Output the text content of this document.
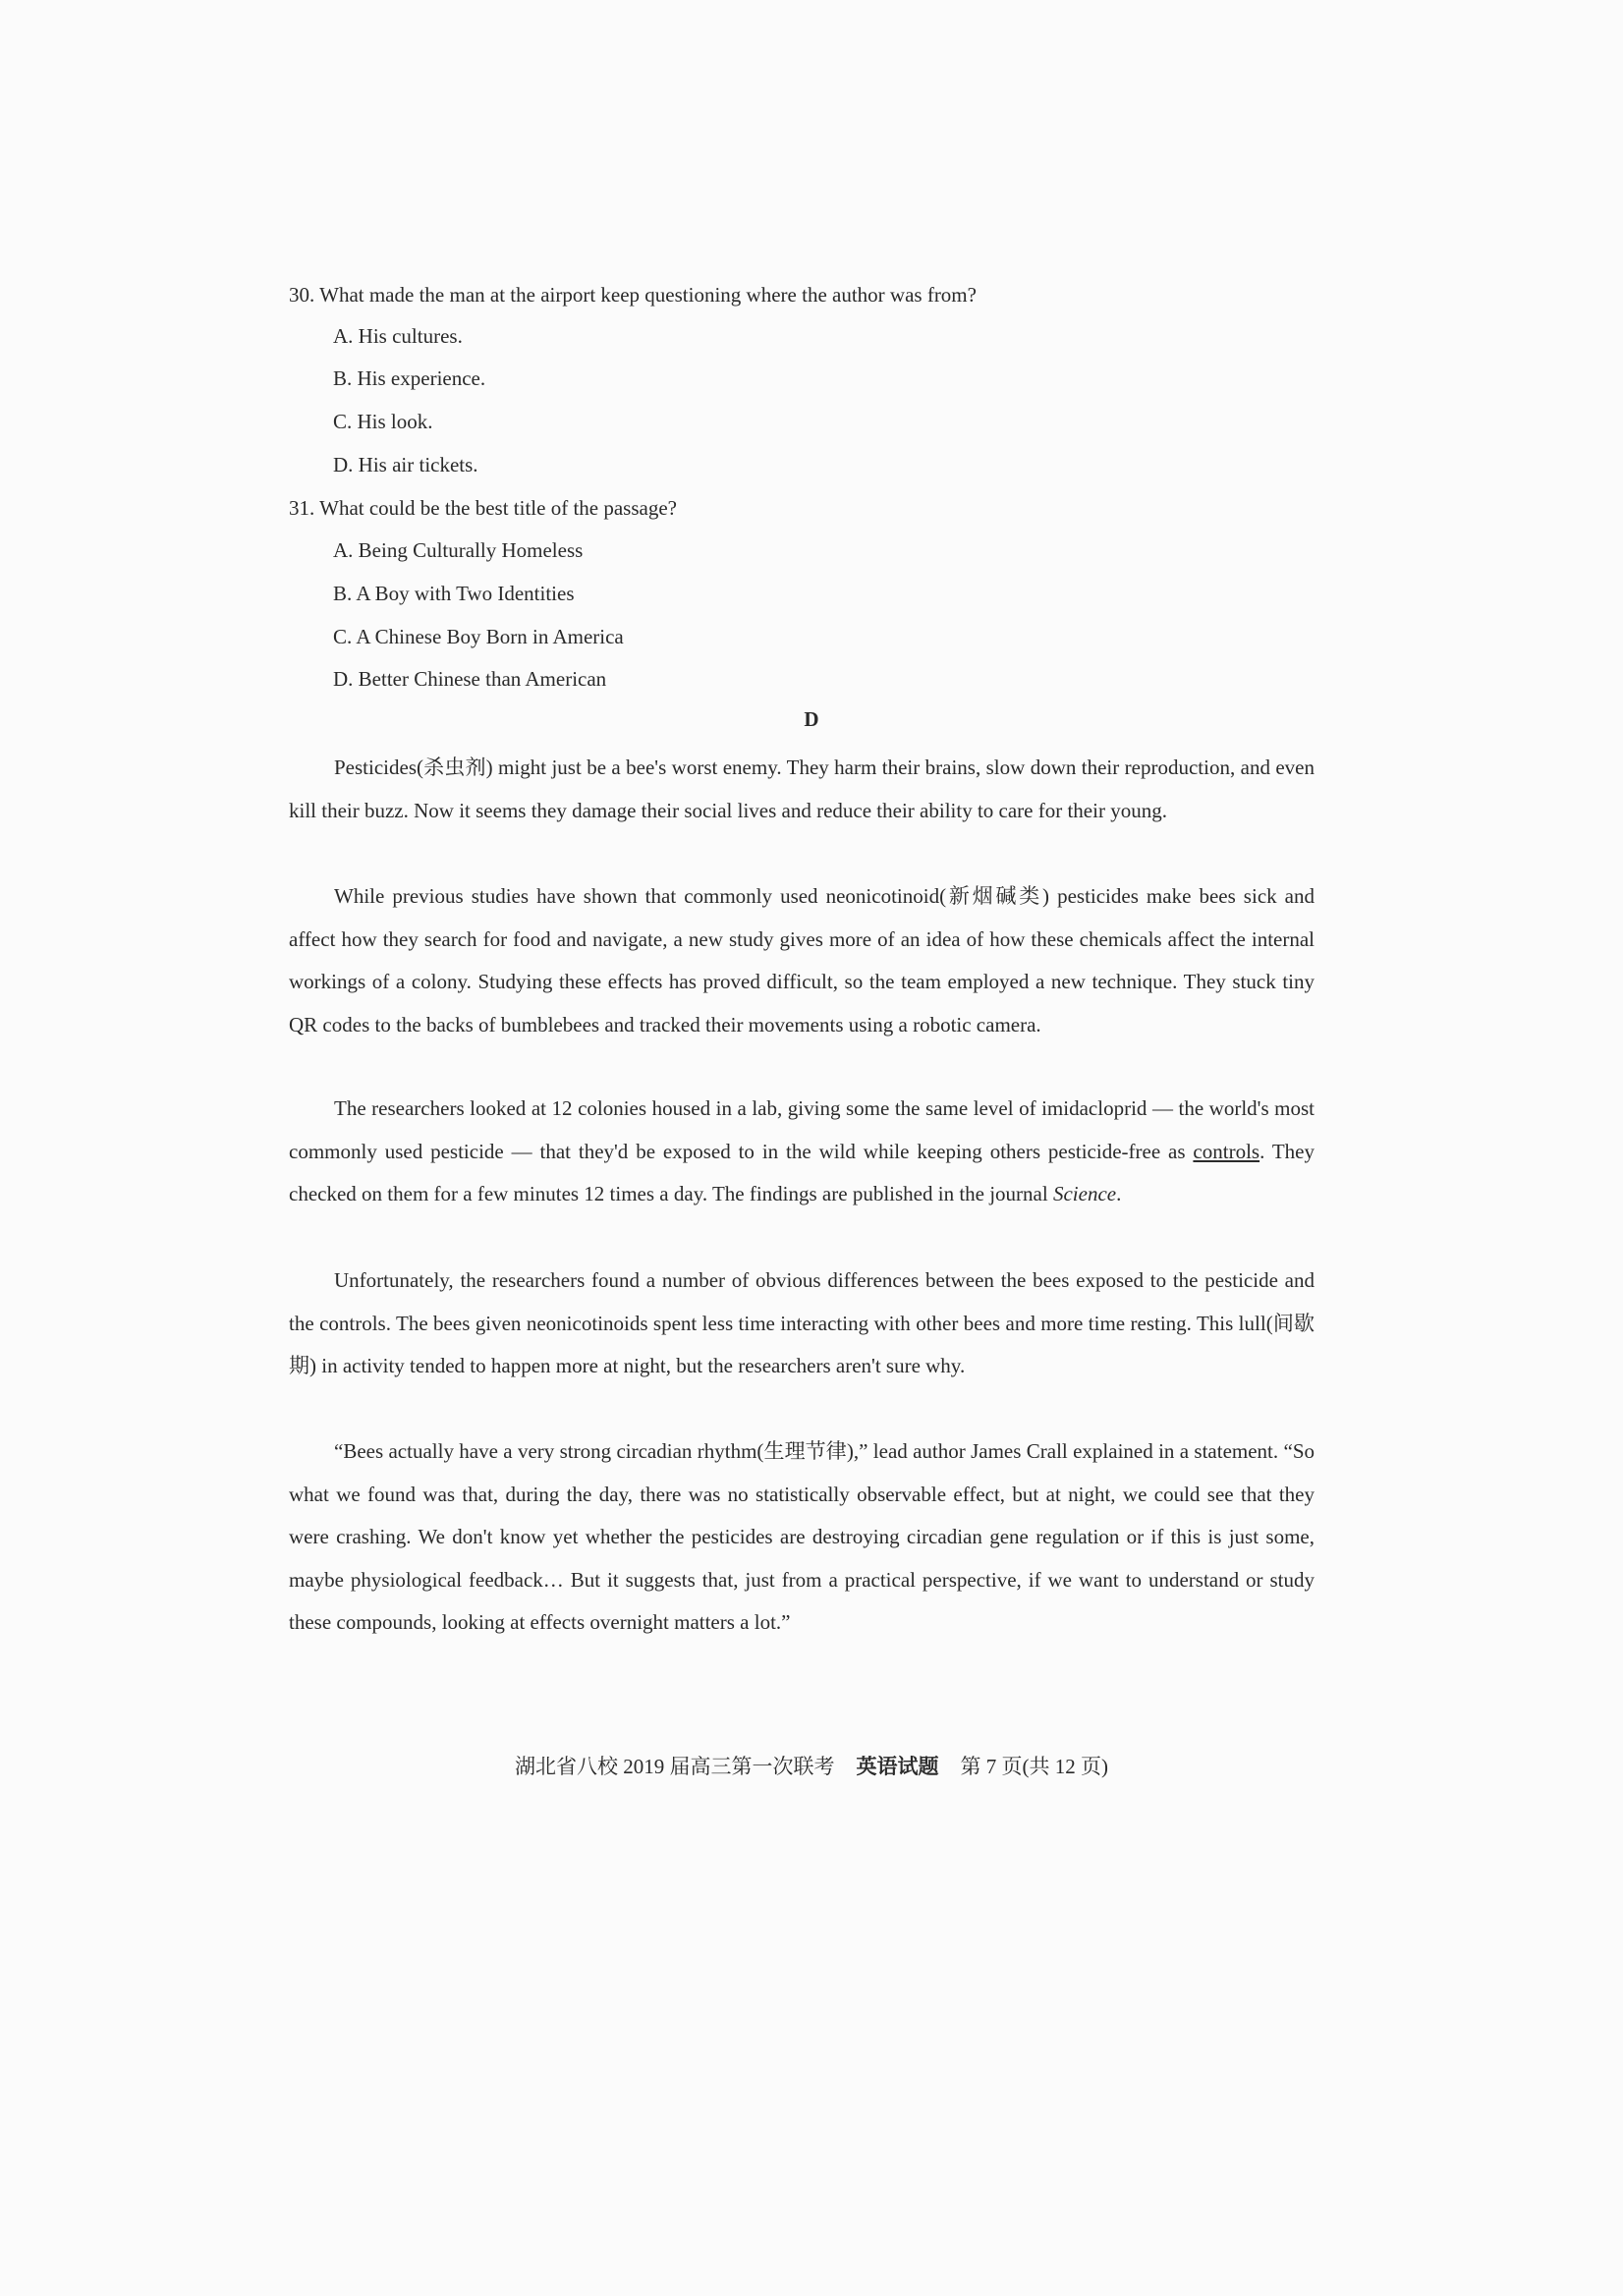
30. What made the man at the airport keep questioning where the author was from?
A. His cultures.
B. His experience.
C. His look.
D. His air tickets.
31. What could be the best title of the passage?
A. Being Culturally Homeless
B. A Boy with Two Identities
C. A Chinese Boy Born in America
D. Better Chinese than American
D

Pesticides(杀虫剂) might just be a bee's worst enemy. They harm their brains, slow down their reproduction, and even kill their buzz. Now it seems they damage their social lives and reduce their ability to care for their young.

While previous studies have shown that commonly used neonicotinoid(新烟碱类) pesticides make bees sick and affect how they search for food and navigate, a new study gives more of an idea of how these chemicals affect the internal workings of a colony. Studying these effects has proved difficult, so the team employed a new technique. They stuck tiny QR codes to the backs of bumblebees and tracked their movements using a robotic camera.

The researchers looked at 12 colonies housed in a lab, giving some the same level of imidacloprid — the world's most commonly used pesticide — that they'd be exposed to in the wild while keeping others pesticide-free as controls. They checked on them for a few minutes 12 times a day. The findings are published in the journal Science.

Unfortunately, the researchers found a number of obvious differences between the bees exposed to the pesticide and the controls. The bees given neonicotinoids spent less time interacting with other bees and more time resting. This lull(间歇期) in activity tended to happen more at night, but the researchers aren't sure why.

“Bees actually have a very strong circadian rhythm(生理节律),” lead author James Crall explained in a statement. “So what we found was that, during the day, there was no statistically observable effect, but at night, we could see that they were crashing. We don't know yet whether the pesticides are destroying circadian gene regulation or if this is just some, maybe physiological feedback… But it suggests that, just from a practical perspective, if we want to understand or study these compounds, looking at effects overnight matters a lot.”

湖北省八校 2019 届高三第一次联考 英语试题 第 7 页(共 12 页)
